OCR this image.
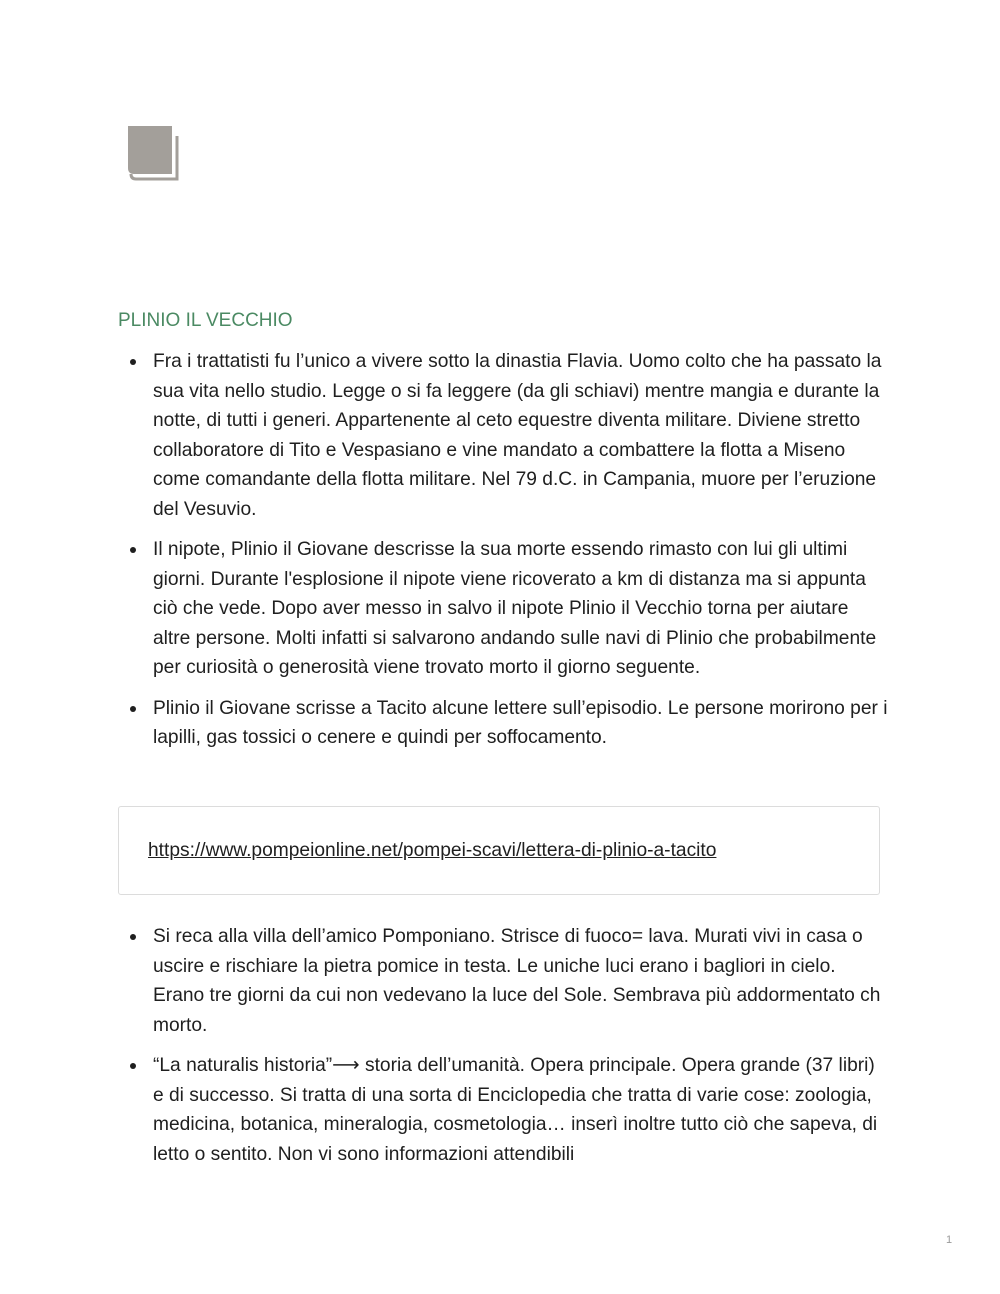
PLINIO IL VECCHIO
Fra i trattatisti fu l’unico a vivere sotto la dinastia Flavia. Uomo colto che ha passato la sua vita nello studio. Legge o si fa leggere (da gli schiavi) mentre mangia e durante la notte, di tutti i generi. Appartenente al ceto equestre diventa militare. Diviene stretto collaboratore di Tito e Vespasiano e vine mandato a combattere la flotta a Miseno come comandante della flotta militare. Nel 79 d.C. in Campania, muore per l’eruzione del Vesuvio.
Il nipote, Plinio il Giovane descrisse la sua morte essendo rimasto con lui gli ultimi giorni. Durante l'esplosione il nipote viene ricoverato a km di distanza ma si appunta ciò che vede. Dopo aver messo in salvo il nipote Plinio il Vecchio torna per aiutare altre persone. Molti infatti si salvarono andando sulle navi di Plinio che probabilmente per curiosità o generosità viene trovato morto il giorno seguente.
Plinio il Giovane scrisse a Tacito alcune lettere sull’episodio. Le persone morirono per i lapilli, gas tossici o cenere e quindi per soffocamento.
https://www.pompeionline.net/pompei-scavi/lettera-di-plinio-a-tacito
Si reca alla villa dell’amico Pomponiano. Strisce di fuoco= lava. Murati vivi in casa o uscire e rischiare la pietra pomice in testa. Le uniche luci erano i bagliori in cielo. Erano tre giorni da cui non vedevano la luce del Sole. Sembrava più addormentato ch morto.
“La naturalis historia”⟶ storia dell’umanità. Opera principale. Opera grande (37 libri) e di successo. Si tratta di una sorta di Enciclopedia che tratta di varie cose: zoologia, medicina, botanica, mineralogia, cosmetologia… inserì inoltre tutto ciò che sapeva, di letto o sentito. Non vi sono informazioni attendibili
1
